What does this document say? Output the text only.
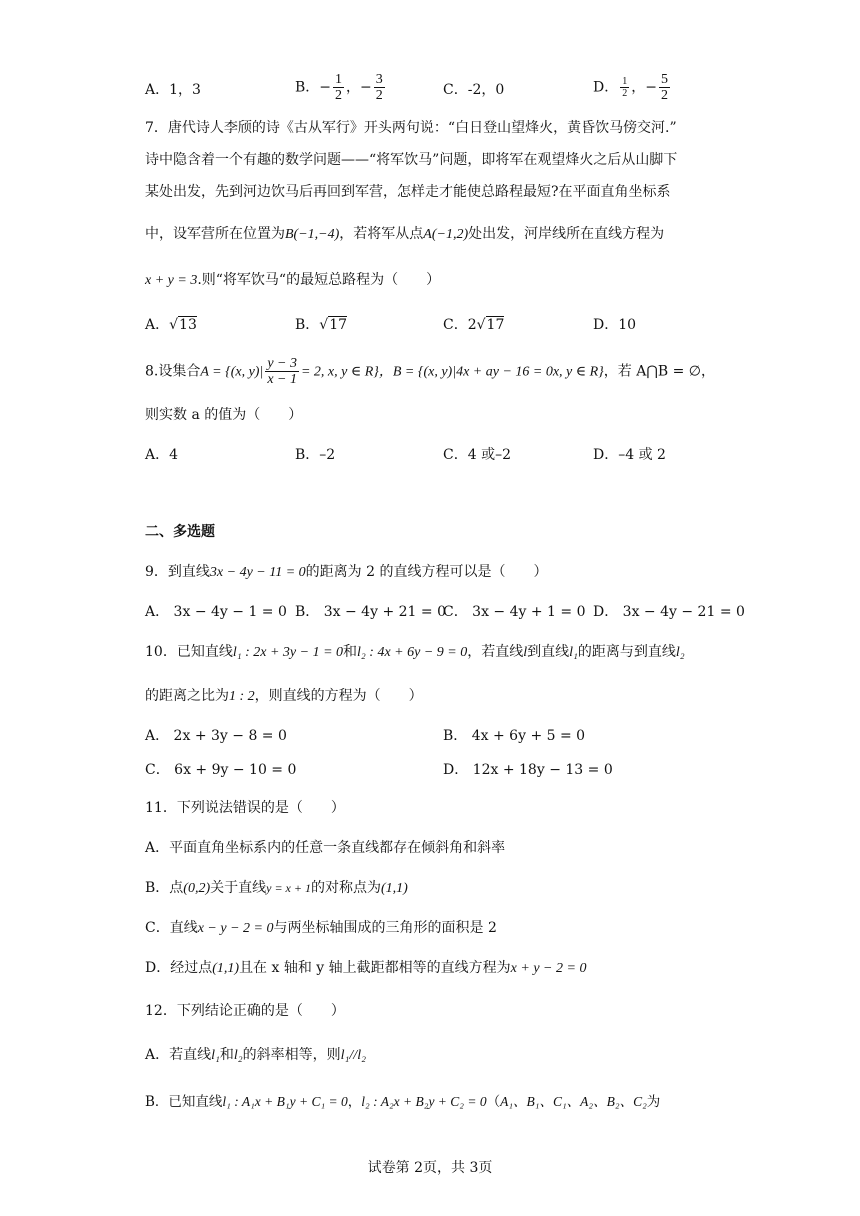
A．1，3	B．− $\frac{1}{2}$ ，− $\frac{3}{2}$	C．-2，0	D． $\frac{1}{2}$ ，− $\frac{5}{2}$
7．唐代诗人李颀的诗《古从军行》开头两句说：“白日登山望烽火，黄昏饮马傍交河.”
诗中隐含着一个有趣的数学问题——“将军饮马”问题，即将军在观望烽火之后从山脚下
某处出发，先到河边饮马后再回到军营，怎样走才能使总路程最短?在平面直角坐标系
中，设军营所在位置为B(−1,−4)，若将军从点A(−1,2)处出发，河岸线所在直线方程为
x + y = 3.则“将军饮马“的最短总路程为（　　）
A．√13	B．√17	C．2√17	D．10
8.设集合A = {(x, $y)| \frac{y - 3}{x - 1} = 2$, x, y ∈ R}，B = {(x, y)|4x + ay − 16 = 0x, y ∈ R}，若 A⋂B = ∅，
则实数 a 的值为（　　）
A．4	B．–2	C．4 或–2	D．–4 或 2
二、多选题
9．到直线3x − 4y − 11 = 0的距离为 2 的直线方程可以是（　　）
A． 3x − 4y − 1 = 0 B． 3x − 4y + 21 = 0
C． 3x − 4y + 1 = 0 D． 3x − 4y − 21 = 0
10．已知直线l₁ : 2x + 3y − 1 = 0和l₂ : 4x + 6y − 9 = 0，若直线l到直线l₁的距离与到直线l₂
的距离之比为1 : 2，则直线的方程为（　　）
A． 2x + 3y − 8 = 0	B． 4x + 6y + 5 = 0
C． 6x + 9y − 10 = 0	D． 12x + 18y − 13 = 0
11．下列说法错误的是（　　）
A．平面直角坐标系内的任意一条直线都存在倾斜角和斜率
B．点(0,2)关于直线y = x + 1的对称点为(1,1)
C．直线x − y − 2 = 0与两坐标轴围成的三角形的面积是 2
D．经过点(1,1)且在 x 轴和 y 轴上截距都相等的直线方程为x + y − 2 = 0
12．下列结论正确的是（　　）
A．若直线l₁和l₂的斜率相等，则l₁//l₂
B．已知直线l₁ : A₁x + B₁y + C₁ = 0，l₂ : A₂x + B₂y + C₂ = 0（A₁、B₁、C₁、A₂、B₂、C₂为
试卷第 2页，共 3页
